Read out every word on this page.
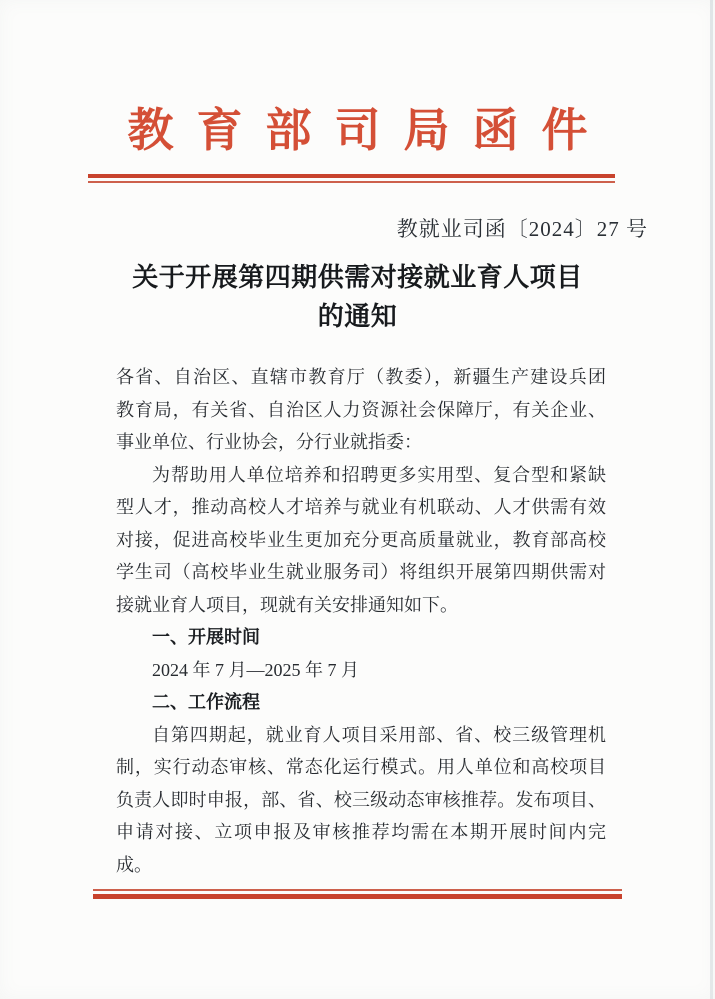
教育部司局函件
教就业司函〔2024〕27 号
关于开展第四期供需对接就业育人项目
的通知
各省、自治区、直辖市教育厅（教委），新疆生产建设兵团
教育局，有关省、自治区人力资源社会保障厅，有关企业、
事业单位、行业协会，分行业就指委：
为帮助用人单位培养和招聘更多实用型、复合型和紧缺
型人才，推动高校人才培养与就业有机联动、人才供需有效
对接，促进高校毕业生更加充分更高质量就业，教育部高校
学生司（高校毕业生就业服务司）将组织开展第四期供需对
接就业育人项目，现就有关安排通知如下。
一、开展时间
2024 年 7 月—2025 年 7 月
二、工作流程
自第四期起，就业育人项目采用部、省、校三级管理机
制，实行动态审核、常态化运行模式。用人单位和高校项目
负责人即时申报，部、省、校三级动态审核推荐。发布项目、
申请对接、立项申报及审核推荐均需在本期开展时间内完
成。
